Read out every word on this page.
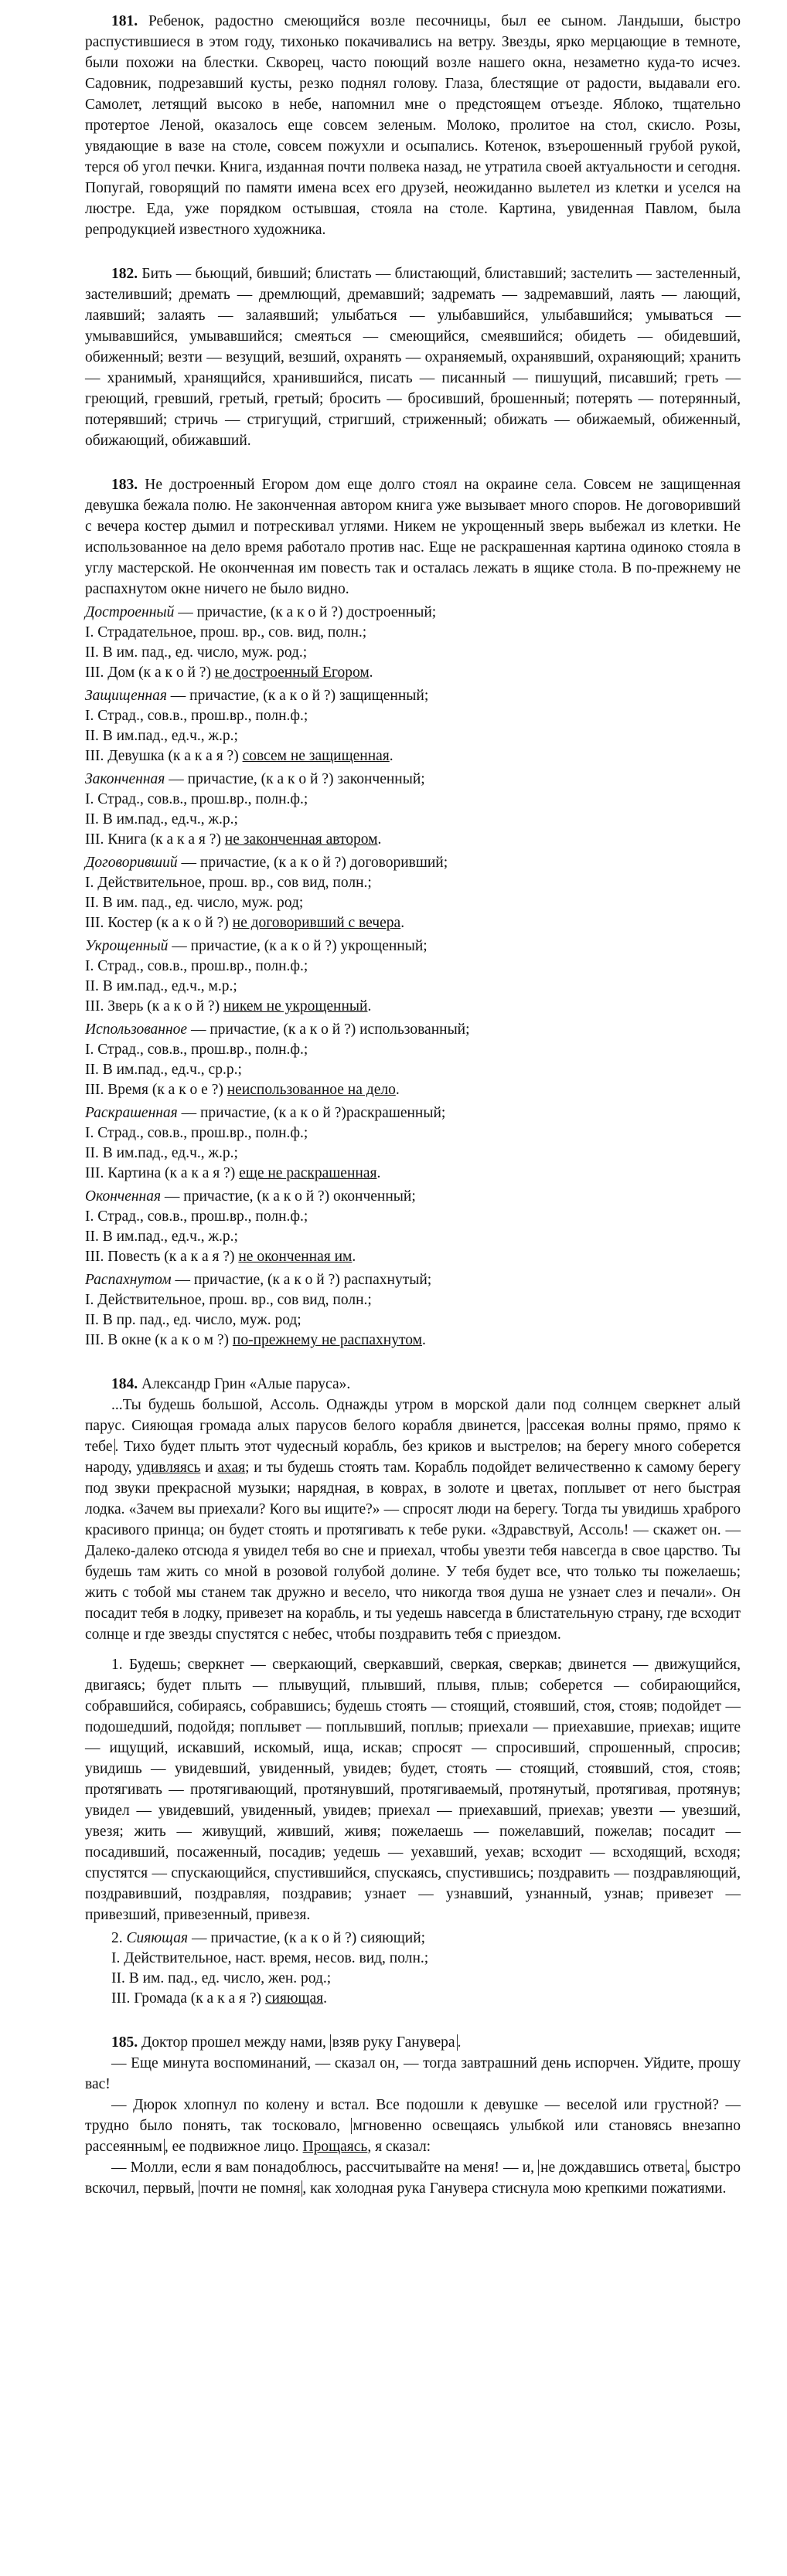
181. Ребенок, радостно смеющийся возле песочницы, был ее сыном. Ландыши, быстро распустившиеся в этом году, тихонько покачивались на ветру. Звезды, ярко мерцающие в темноте, были похожи на блестки. Скворец, часто поющий возле нашего окна, незаметно куда-то исчез. Садовник, подрезавший кусты, резко поднял голову. Глаза, блестящие от радости, выдавали его. Самолет, летящий высоко в небе, напомнил мне о предстоящем отъезде. Яблоко, тщательно протертое Леной, оказалось еще совсем зеленым. Молоко, пролитое на стол, скисло. Розы, увядающие в вазе на столе, совсем пожухли и осыпались. Котенок, взъерошенный грубой рукой, терся об угол печки. Книга, изданная почти полвека назад, не утратила своей актуальности и сегодня. Попугай, говорящий по памяти имена всех его друзей, неожиданно вылетел из клетки и уселся на люстре. Еда, уже порядком остывшая, стояла на столе. Картина, увиденная Павлом, была репродукцией известного художника.

182. Бить — бьющий, бивший; блистать — блистающий, блиставший; застелить — застеленный, застеливший; дремать — дремлющий, дремавший; задремать — задремавший, лаять — лающий, лаявший; залаять — залаявший; улыбаться — улыбавшийся, улыбавшийся; умываться — умывавшийся, умывавшийся; смеяться — смеющийся, смеявшийся; обидеть — обидевший, обиженный; везти — везущий, везший, охранять — охраняемый, охранявший, охраняющий; хранить — хранимый, хранящийся, хранившийся, писать — писанный — пишущий, писавший; греть — греющий, гревший, гретый, гретый; бросить — бросивший, брошенный; потерять — потерянный, потерявший; стричь — стригущий, стригший, стриженный; обижать — обижаемый, обиженный, обижающий, обижавший.

183. Не достроенный Егором дом еще долго стоял на окраине села. Совсем не защищенная девушка бежала полю. Не законченная автором книга уже вызывает много споров. Не договоривший с вечера костер дымил и потрескивал углями. Никем не укрощенный зверь выбежал из клетки. Не использованное на дело время работало против нас. Еще не раскрашенная картина одиноко стояла в углу мастерской. Не оконченная им повесть так и осталась лежать в ящике стола. В по-прежнему не распахнутом окне ничего не было видно.

Достроенный — причастие, (к а к о й ?) достроенный;

I. Страдательное, прош. вр., сов. вид, полн.;

II. В им. пад., ед. число, муж. род.;

III. Дом (к а к о й ?) не достроенный Егором.

Защищенная — причастие, (к а к о й ?) защищенный;

I. Страд., сов.в., прош.вр., полн.ф.;

II. В им.пад., ед.ч., ж.р.;

III. Девушка (к а к а я ?) совсем не защищенная.

Законченная — причастие, (к а к о й ?) законченный;

I. Страд., сов.в., прош.вр., полн.ф.;

II. В им.пад., ед.ч., ж.р.;

III. Книга (к а к а я ?) не законченная автором.

Договоривший — причастие, (к а к о й ?) договоривший;

I. Действительное, прош. вр., сов вид, полн.;

II. В им. пад., ед. число, муж. род;

III. Костер (к а к о й ?) не договоривший с вечера.

Укрощенный — причастие, (к а к о й ?) укрощенный;

I. Страд., сов.в., прош.вр., полн.ф.;

II. В им.пад., ед.ч., м.р.;

III. Зверь (к а к о й ?) никем не укрощенный.

Использованное — причастие, (к а к о й ?) использованный;

I. Страд., сов.в., прош.вр., полн.ф.;

II. В им.пад., ед.ч., ср.р.;

III. Время (к а к о е ?) неиспользованное на дело.

Раскрашенная — причастие, (к а к о й ?)раскрашенный;

I. Страд., сов.в., прош.вр., полн.ф.;

II. В им.пад., ед.ч., ж.р.;

III. Картина (к а к а я ?) еще не раскрашенная.

Оконченная — причастие, (к а к о й ?) оконченный;

I. Страд., сов.в., прош.вр., полн.ф.;

II. В им.пад., ед.ч., ж.р.;

III. Повесть (к а к а я ?) не оконченная им.

Распахнутом — причастие, (к а к о й ?) распахнутый;

I. Действительное, прош. вр., сов вид, полн.;

II. В пр. пад., ед. число, муж. род;

III. В окне (к а к о м ?) по-прежнему не распахнутом.

184. Александр Грин «Алые паруса».

...Ты будешь большой, Ассоль. Однажды утром в морской дали под солнцем сверкнет алый парус. Сияющая громада алых парусов белого корабля двинется, рассекая волны прямо, прямо к тебе . Тихо будет плыть этот чудесный корабль, без криков и выстрелов; на берегу много соберется народу, удивляясь и ахая; и ты будешь стоять там. Корабль подойдет величественно к самому берегу под звуки прекрасной музыки; нарядная, в коврах, в золоте и цветах, поплывет от него быстрая лодка. «Зачем вы приехали? Кого вы ищите?» — спросят люди на берегу. Тогда ты увидишь храброго красивого принца; он будет стоять и протягивать к тебе руки. «Здравствуй, Ассоль! — скажет он. — Далеко-далеко отсюда я увидел тебя во сне и приехал, чтобы увезти тебя навсегда в свое царство. Ты будешь там жить со мной в розовой голубой долине. У тебя будет все, что только ты пожелаешь; жить с тобой мы станем так дружно и весело, что никогда твоя душа не узнает слез и печали». Он посадит тебя в лодку, привезет на корабль, и ты уедешь навсегда в блистательную страну, где всходит солнце и где звезды спустятся с небес, чтобы поздравить тебя с приездом.

1. Будешь; сверкнет — сверкающий, сверкавший, сверкая, сверкав; двинется — движущийся, двигаясь; будет плыть — плывущий, плывший, плывя, плыв; соберется — собирающийся, собравшийся, собираясь, собравшись; будешь стоять — стоящий, стоявший, стоя, стояв; подойдет — подошедший, подойдя; поплывет — поплывший, поплыв; приехали — приехавшие, приехав; ищите — ищущий, искавший, искомый, ища, искав; спросят — спросивший, спрошенный, спросив; увидишь — увидевший, увиденный, увидев; будет, стоять — стоящий, стоявший, стоя, стояв; протягивать — протягивающий, протянувший, протягиваемый, протянутый, протягивая, протянув; увидел — увидевший, увиденный, увидев; приехал — приехавший, приехав; увезти — увезший, увезя; жить — живущий, живший, живя; пожелаешь — пожелавший, пожелав; посадит — посадивший, посаженный, посадив; уедешь — уехавший, уехав; всходит — всходящий, всходя; спустятся — спускающийся, спустившийся, спускаясь, спустившись; поздравить — поздравляющий, поздравивший, поздравляя, поздравив; узнает — узнавший, узнанный, узнав; привезет — привезший, привезенный, привезя.

2. Сияющая — причастие, (к а к о й ?) сияющий;

I. Действительное, наст. время, несов. вид, полн.;

II. В им. пад., ед. число, жен. род.;

III. Громада (к а к а я ?) сияющая.

185. Доктор прошел между нами, взяв руку Ганувера .

— Еще минута воспоминаний, — сказал он, — тогда завтрашний день испорчен. Уйдите, прошу вас!

— Дюрок хлопнул по колену и встал. Все подошли к девушке — веселой или грустной? — трудно было понять, так тосковало, мгновенно освещаясь улыбкой или становясь внезапно рассеянным , ее подвижное лицо. Прощаясь, я сказал:

— Молли, если я вам понадоблюсь, рассчитывайте на меня! — и, не дождавшись ответа , быстро вскочил, первый, почти не помня , как холодная рука Ганувера стиснула мою крепкими пожатиями.
